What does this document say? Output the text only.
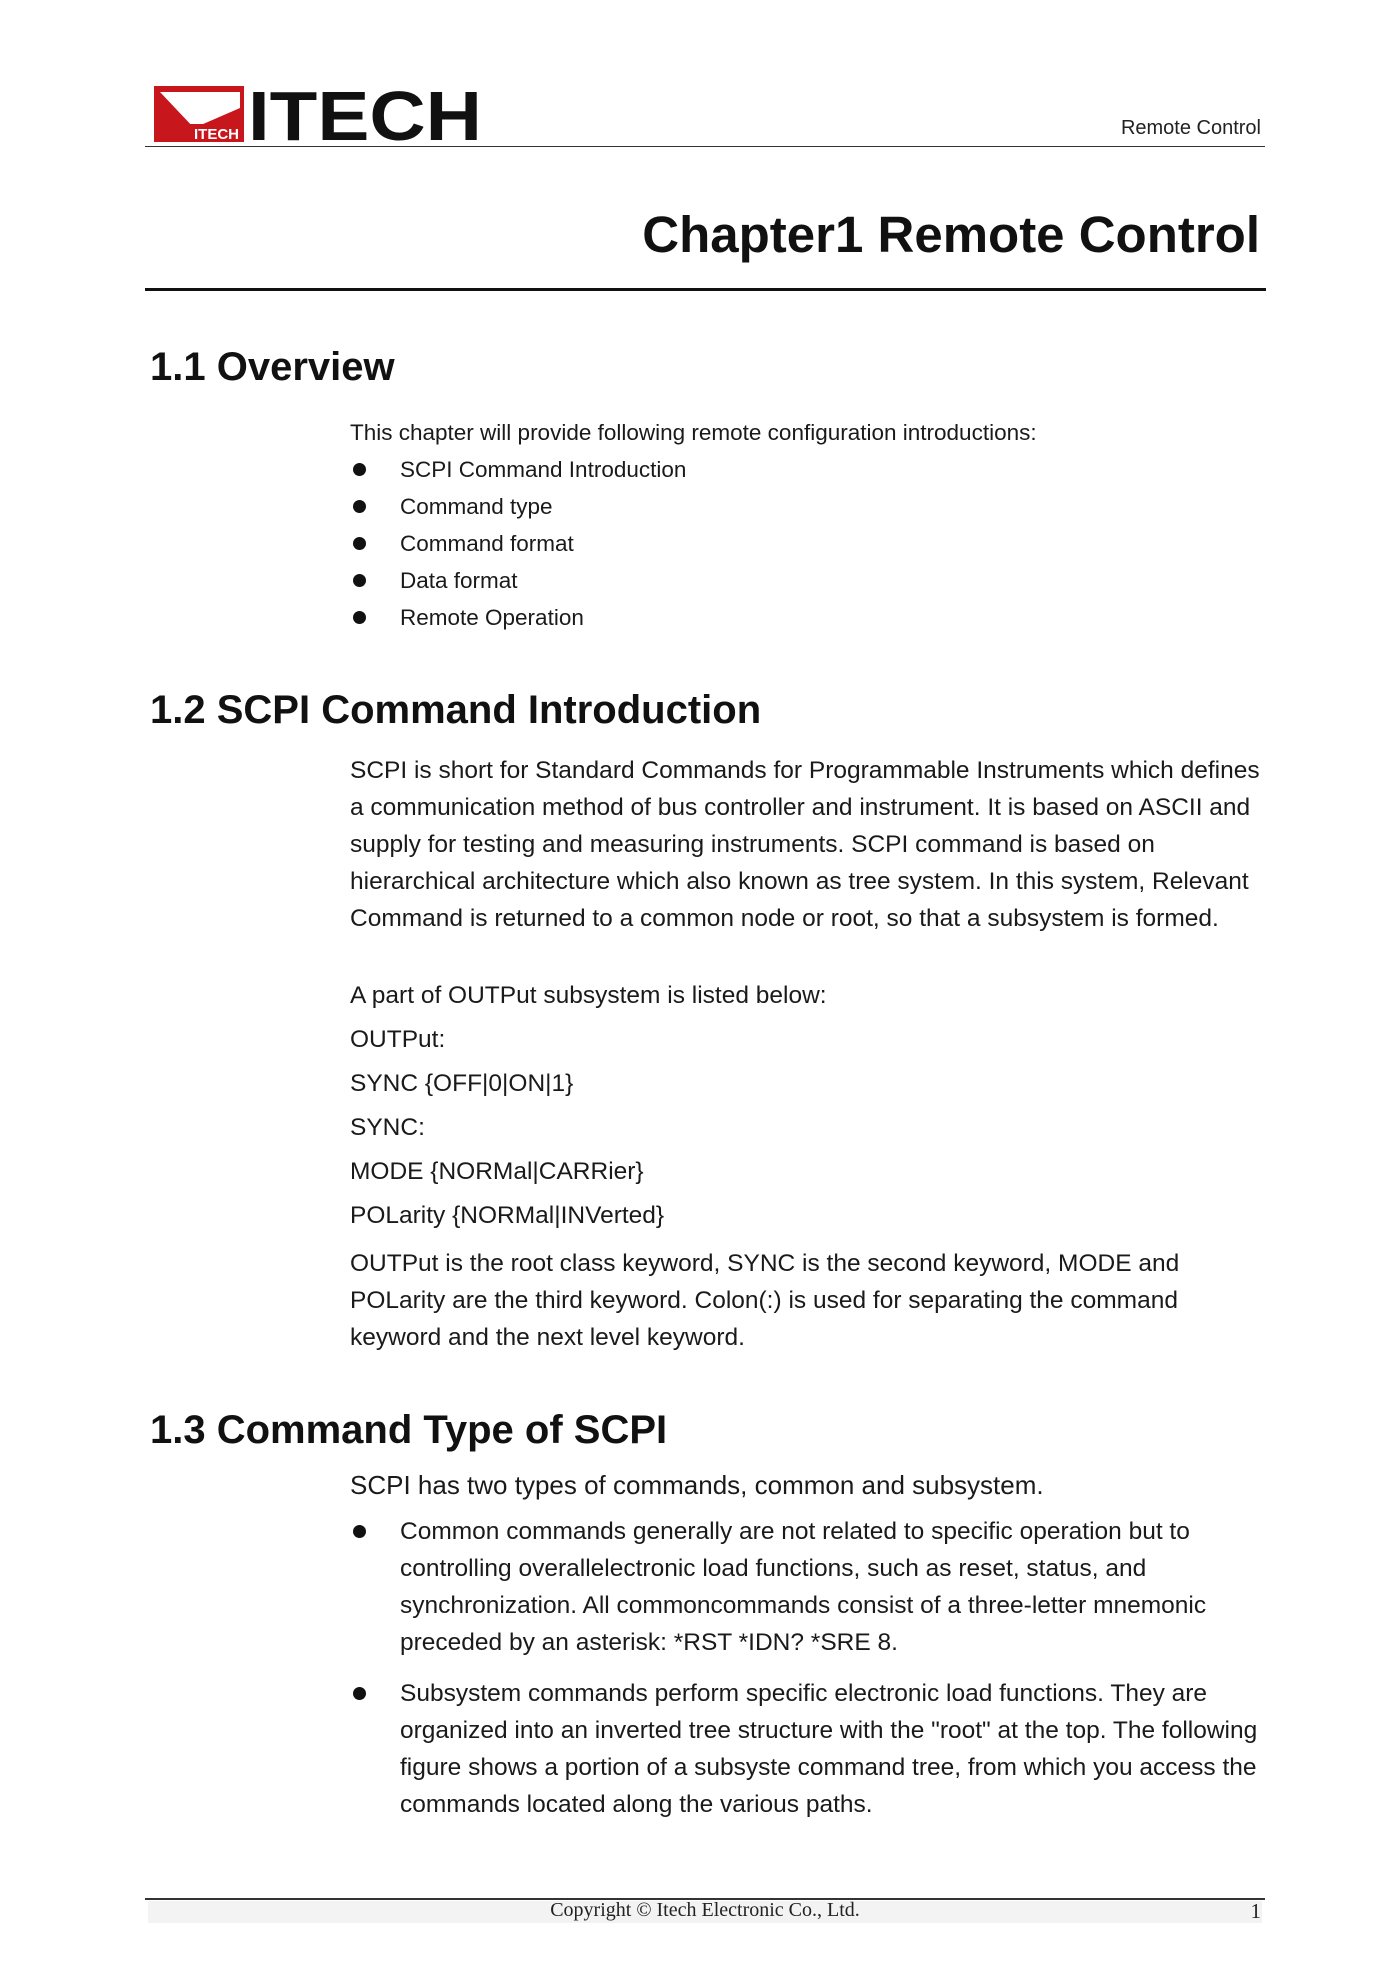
ITECH ITECH	Remote Control
Chapter1 Remote Control
1.1 Overview
This chapter will provide following remote configuration introductions:
SCPI Command Introduction
Command type
Command format
Data format
Remote Operation
1.2 SCPI Command Introduction
SCPI is short for Standard Commands for Programmable Instruments which defines a communication method of bus controller and instrument. It is based on ASCII and supply for testing and measuring instruments. SCPI command is based on hierarchical architecture which also known as tree system. In this system, Relevant Command is returned to a common node or root, so that a subsystem is formed.
A part of OUTPut subsystem is listed below:
OUTPut:
SYNC {OFF|0|ON|1}
SYNC:
MODE {NORMal|CARRier}
POLarity {NORMal|INVerted}
OUTPut is the root class keyword, SYNC is the second keyword, MODE and POLarity are the third keyword. Colon(:) is used for separating the command keyword and the next level keyword.
1.3 Command Type of SCPI
SCPI has two types of commands, common and subsystem.
Common commands generally are not related to specific operation but to controlling overallelectronic load functions, such as reset, status, and synchronization. All commoncommands consist of a three-letter mnemonic preceded by an asterisk: *RST *IDN? *SRE 8.
Subsystem commands perform specific electronic load functions. They are organized into an inverted tree structure with the "root" at the top. The following figure shows a portion of a subsyste command tree, from which you access the commands located along the various paths.
Copyright © Itech Electronic Co., Ltd.	1
